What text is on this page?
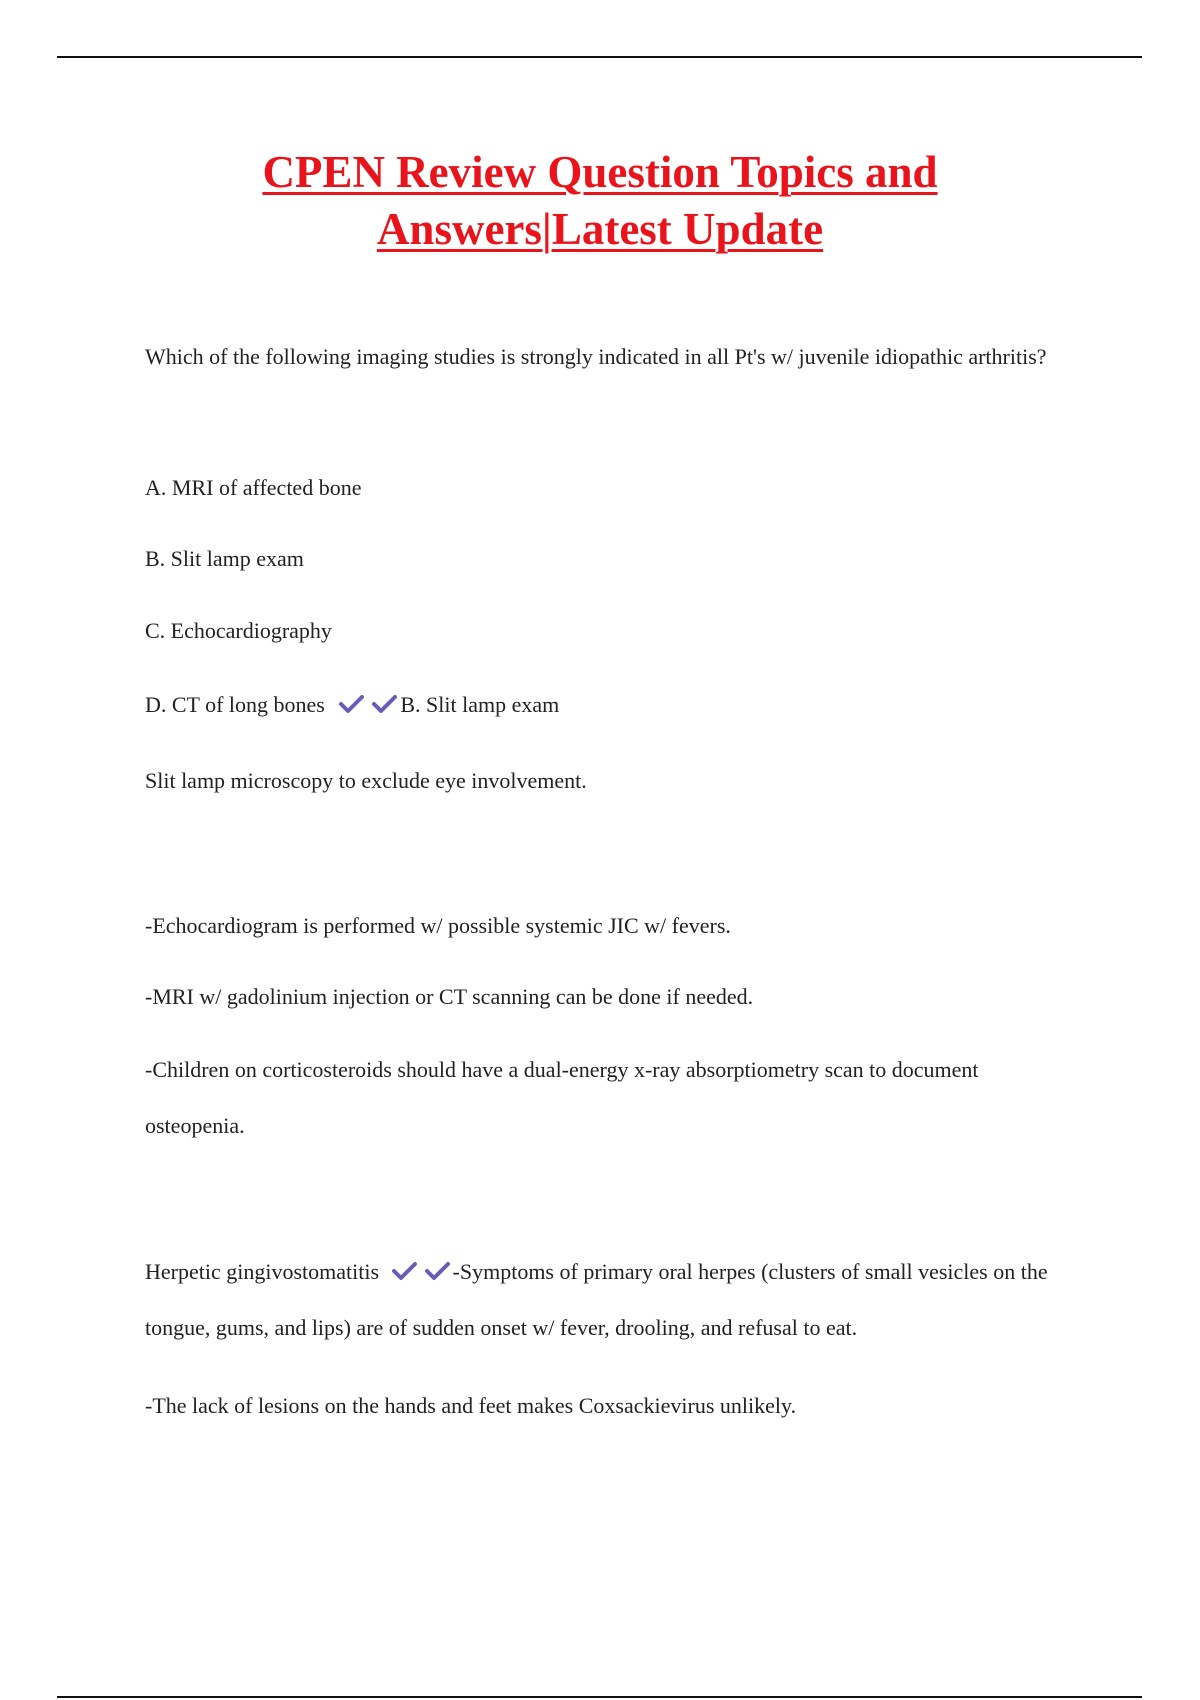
CPEN Review Question Topics and
Answers|Latest Update

Which of the following imaging studies is strongly indicated in all Pt's w/ juvenile idiopathic arthritis?

A. MRI of affected bone

B. Slit lamp exam

C. Echocardiography

D. CT of long bones	B. Slit lamp exam

Slit lamp microscopy to exclude eye involvement.

-Echocardiogram is performed w/ possible systemic JIC w/ fevers.

-MRI w/ gadolinium injection or CT scanning can be done if needed.

-Children on corticosteroids should have a dual-energy x-ray absorptiometry scan to document osteopenia.

Herpetic gingivostomatitis	-Symptoms of primary oral herpes (clusters of small vesicles on the tongue, gums, and lips) are of sudden onset w/ fever, drooling, and refusal to eat.

-The lack of lesions on the hands and feet makes Coxsackievirus unlikely.
